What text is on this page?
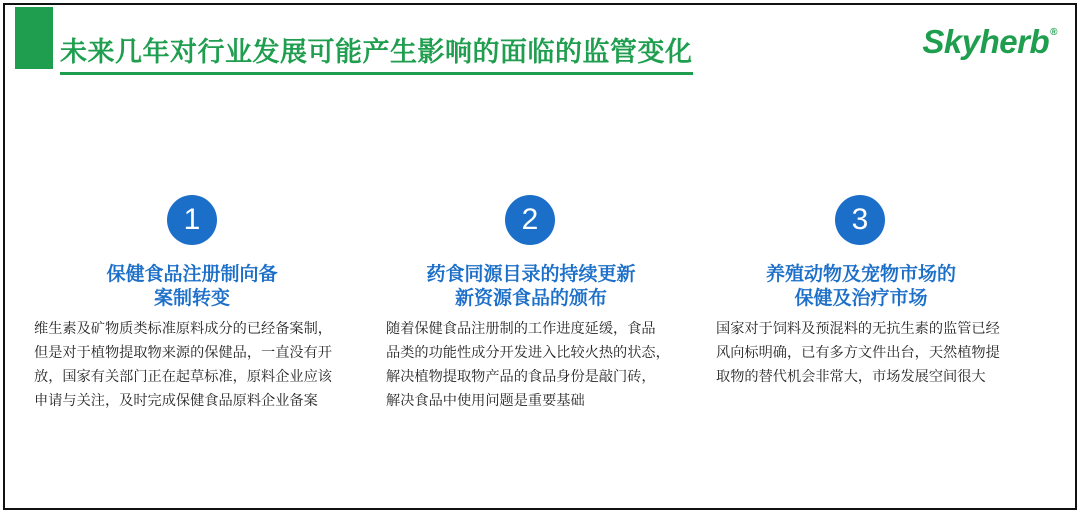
未来几年对行业发展可能产生影响的面临的监管变化	Skyherb®
1
保健食品注册制向备
案制转变
维生素及矿物质类标准原料成分的已经备案制，
但是对于植物提取物来源的保健品，一直没有开
放，国家有关部门正在起草标准，原料企业应该
申请与关注，及时完成保健食品原料企业备案
2
药食同源目录的持续更新
新资源食品的颁布
随着保健食品注册制的工作进度延缓，食品
品类的功能性成分开发进入比较火热的状态，
解决植物提取物产品的食品身份是敲门砖，
解决食品中使用问题是重要基础
3
养殖动物及宠物市场的
保健及治疗市场
国家对于饲料及预混料的无抗生素的监管已经
风向标明确，已有多方文件出台，天然植物提
取物的替代机会非常大，市场发展空间很大
